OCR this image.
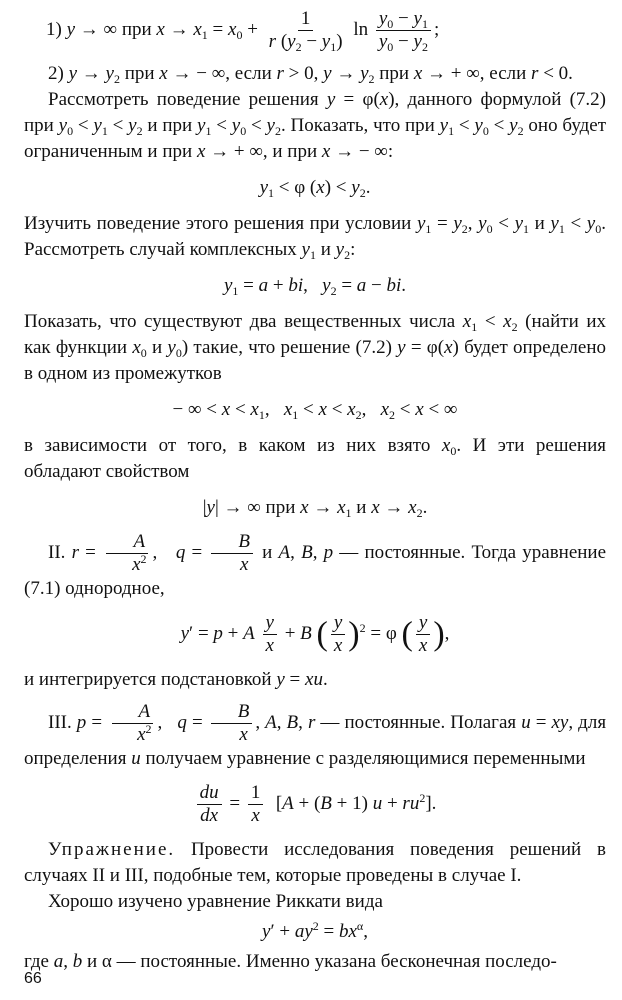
1) y → ∞ при $x \to x_1 = x_0 + \frac{1}{r (y_2 - y_1)}$ $\ln \frac{y_0 - y_1}{y_0 - y_2}$ ;

2) $y \to y_2$ при x → − ∞, если r > 0, $y \to y_2$ при x → + ∞, если r < 0.

Рассмотреть поведение решения y = φ(x), данного формулой (7.2) при $y_0 < y_1 < y_2$ и при $y_1 < y_0 < y_2$. Показать, что при $y_1 < y_0 < y_2$ оно будет ограниченным и при x → + ∞, и при x → − ∞:

$y_1 < \varphi$ $(x) < y_2$.

Изучить поведение этого решения при условии $y_1 = y_2$, $y_0 < y_1$ и $y_1 < y_0$. Рассмотреть случай комплексных $y_1$ и $y_2$:

$y_1 = a$ + bi,   $y_2 = a$ − bi.

Показать, что существуют два вещественных числа $x_1 < x_2$ (найти их как функции $x_0$ и $y_0$) такие, что решение (7.2) y = φ(x) будет определено в одном из промежутков

− ∞ < $x < x_1$,   $x_1 < x < x_2$,   $x_2 < x$ < ∞

в зависимости от того, в каком из них взято $x_0$. И эти решения обладают свойством

|y| → ∞ при $x \to x_1$ и $x \to x_2$.

II. $r = \frac{A}{x^2}$ ,   $q = \frac{B}{x}$ и A, B, p — постоянные. Тогда уравнение (7.1) однородное,

y′ = p + A $\frac{y}{x} + B$ ( $\frac{y}{x} )^2 = \varphi$ ( $\frac{y}{x}$ ),

и интегрируется подстановкой y = xu.

III. $p = \frac{A}{x^2}$ ,   $q = \frac{B}{x}$ , A, B, r — постоянные. Полагая u = xy, для определения u получаем уравнение с разделяющимися переменными

$\frac{du}{dx} = \frac{1}{x} [A + (B + 1) u + ru^2]$.

Упражнение. Провести исследования поведения решений в случаях II и III, подобные тем, которые проведены в случае I.

Хорошо изучено уравнение Риккати вида

$y' + ay^2 = bx^\alpha$,

где a, b и α — постоянные. Именно указана бесконечная последо-

66
